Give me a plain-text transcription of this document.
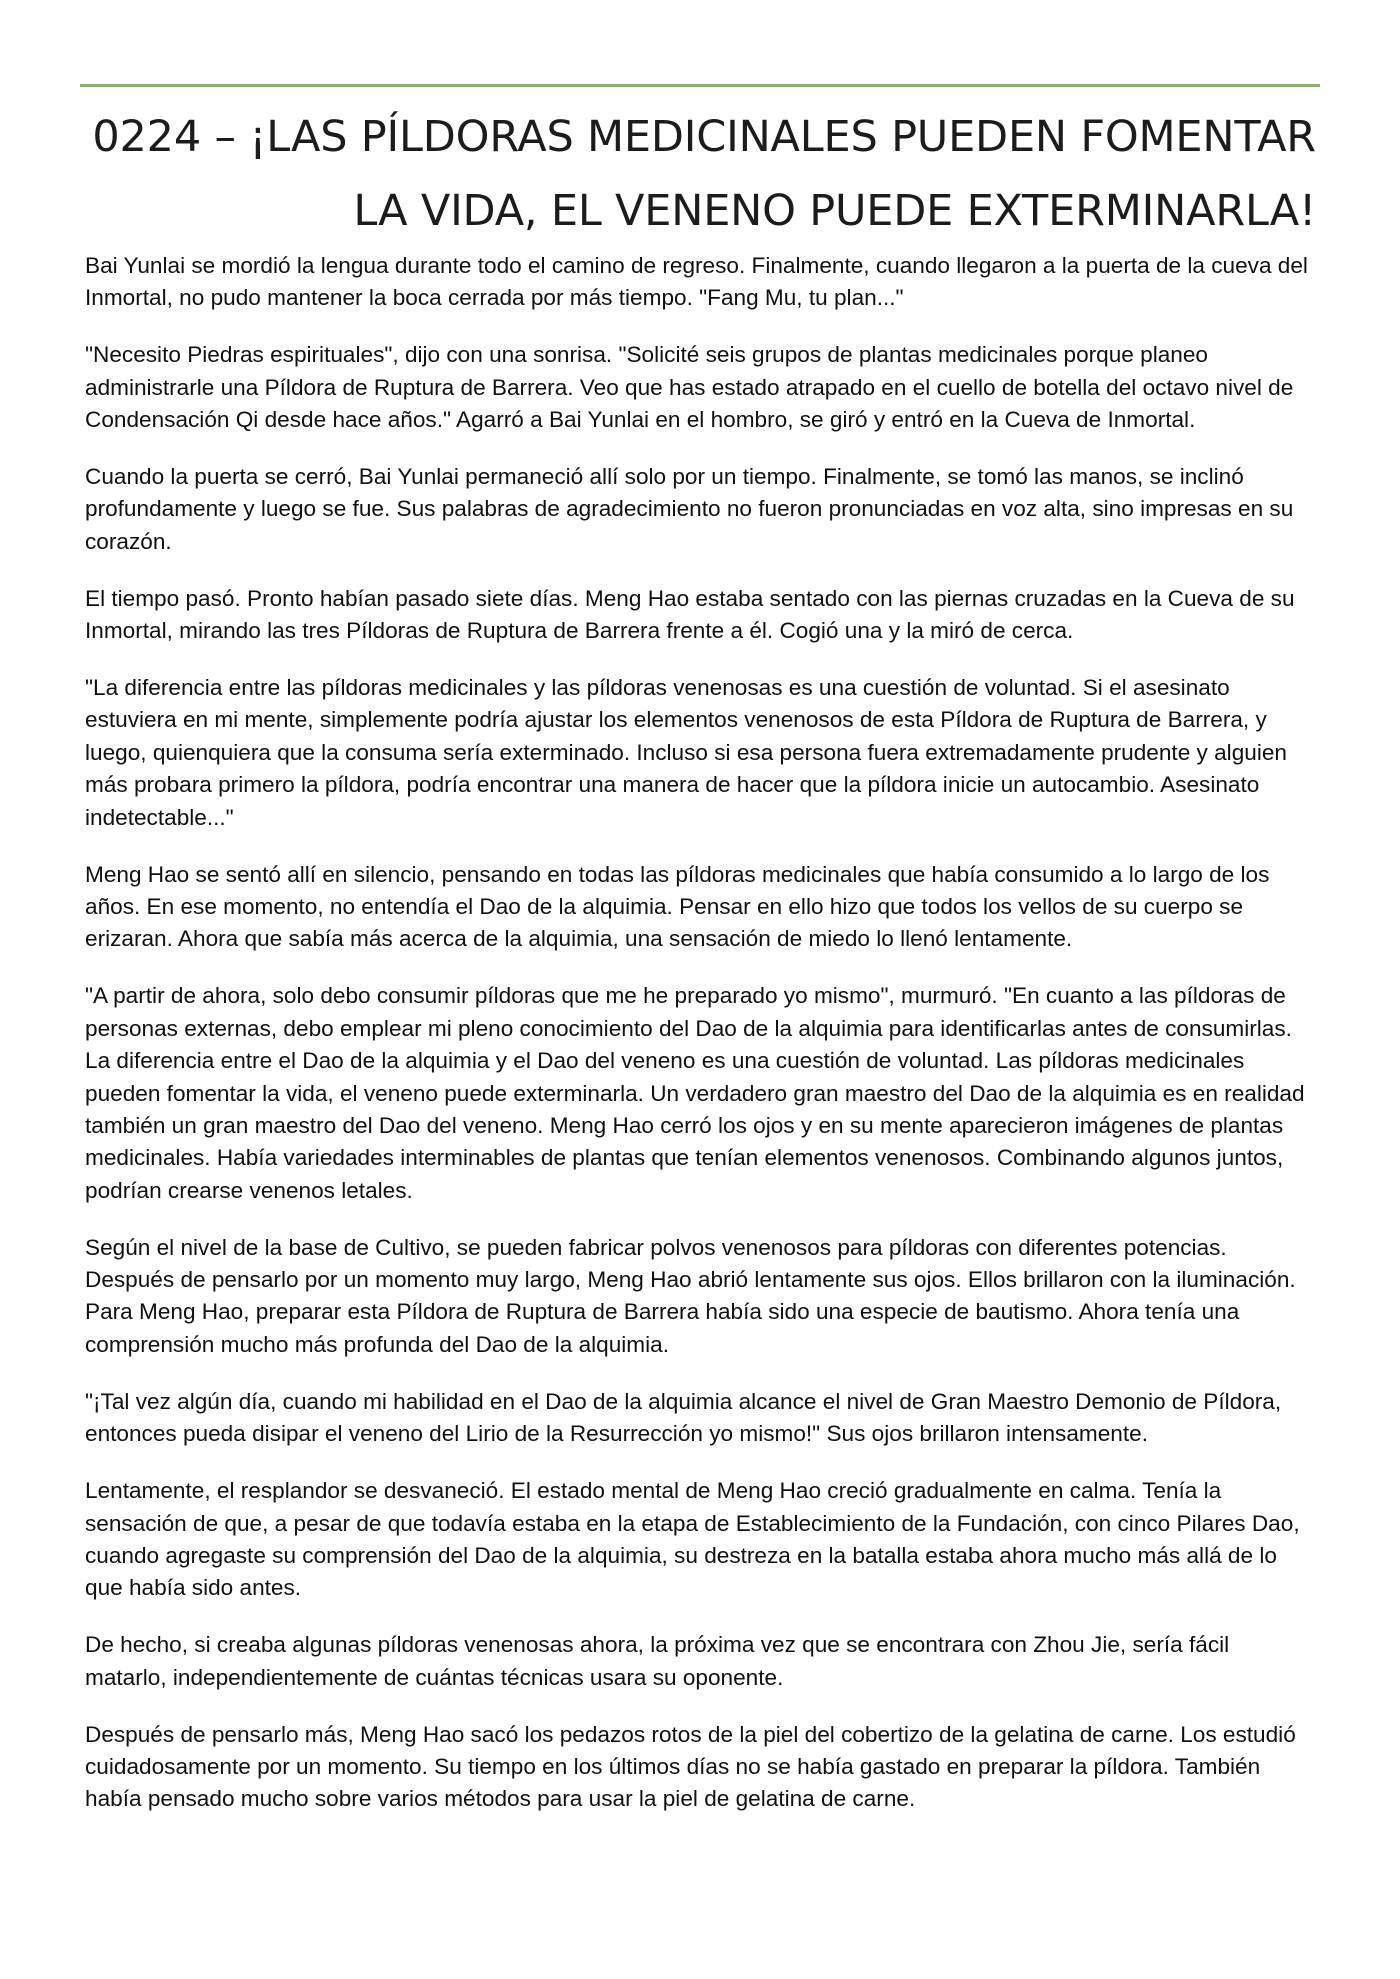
0224 – ¡LAS PÍLDORAS MEDICINALES PUEDEN FOMENTAR
LA VIDA, EL VENENO PUEDE EXTERMINARLA!

Bai Yunlai se mordió la lengua durante todo el camino de regreso. Finalmente, cuando llegaron a la puerta de la cueva del Inmortal, no pudo mantener la boca cerrada por más tiempo. "Fang Mu, tu plan..."

"Necesito Piedras espirituales", dijo con una sonrisa. "Solicité seis grupos de plantas medicinales porque planeo administrarle una Píldora de Ruptura de Barrera. Veo que has estado atrapado en el cuello de botella del octavo nivel de Condensación Qi desde hace años." Agarró a Bai Yunlai en el hombro, se giró y entró en la Cueva de Inmortal.

Cuando la puerta se cerró, Bai Yunlai permaneció allí solo por un tiempo. Finalmente, se tomó las manos, se inclinó profundamente y luego se fue. Sus palabras de agradecimiento no fueron pronunciadas en voz alta, sino impresas en su corazón.

El tiempo pasó. Pronto habían pasado siete días. Meng Hao estaba sentado con las piernas cruzadas en la Cueva de su Inmortal, mirando las tres Píldoras de Ruptura de Barrera frente a él. Cogió una y la miró de cerca.

"La diferencia entre las píldoras medicinales y las píldoras venenosas es una cuestión de voluntad. Si el asesinato estuviera en mi mente, simplemente podría ajustar los elementos venenosos de esta Píldora de Ruptura de Barrera, y luego, quienquiera que la consuma sería exterminado. Incluso si esa persona fuera extremadamente prudente y alguien más probara primero la píldora, podría encontrar una manera de hacer que la píldora inicie un autocambio. Asesinato indetectable..."

Meng Hao se sentó allí en silencio, pensando en todas las píldoras medicinales que había consumido a lo largo de los años. En ese momento, no entendía el Dao de la alquimia. Pensar en ello hizo que todos los vellos de su cuerpo se erizaran. Ahora que sabía más acerca de la alquimia, una sensación de miedo lo llenó lentamente.

"A partir de ahora, solo debo consumir píldoras que me he preparado yo mismo", murmuró. "En cuanto a las píldoras de personas externas, debo emplear mi pleno conocimiento del Dao de la alquimia para identificarlas antes de consumirlas. La diferencia entre el Dao de la alquimia y el Dao del veneno es una cuestión de voluntad. Las píldoras medicinales pueden fomentar la vida, el veneno puede exterminarla. Un verdadero gran maestro del Dao de la alquimia es en realidad también un gran maestro del Dao del veneno. Meng Hao cerró los ojos y en su mente aparecieron imágenes de plantas medicinales. Había variedades interminables de plantas que tenían elementos venenosos. Combinando algunos juntos, podrían crearse venenos letales.

Según el nivel de la base de Cultivo, se pueden fabricar polvos venenosos para píldoras con diferentes potencias. Después de pensarlo por un momento muy largo, Meng Hao abrió lentamente sus ojos. Ellos brillaron con la iluminación. Para Meng Hao, preparar esta Píldora de Ruptura de Barrera había sido una especie de bautismo. Ahora tenía una comprensión mucho más profunda del Dao de la alquimia.

"¡Tal vez algún día, cuando mi habilidad en el Dao de la alquimia alcance el nivel de Gran Maestro Demonio de Píldora, entonces pueda disipar el veneno del Lirio de la Resurrección yo mismo!" Sus ojos brillaron intensamente.

Lentamente, el resplandor se desvaneció. El estado mental de Meng Hao creció gradualmente en calma. Tenía la sensación de que, a pesar de que todavía estaba en la etapa de Establecimiento de la Fundación, con cinco Pilares Dao, cuando agregaste su comprensión del Dao de la alquimia, su destreza en la batalla estaba ahora mucho más allá de lo que había sido antes.

De hecho, si creaba algunas píldoras venenosas ahora, la próxima vez que se encontrara con Zhou Jie, sería fácil matarlo, independientemente de cuántas técnicas usara su oponente.

Después de pensarlo más, Meng Hao sacó los pedazos rotos de la piel del cobertizo de la gelatina de carne. Los estudió cuidadosamente por un momento. Su tiempo en los últimos días no se había gastado en preparar la píldora. También había pensado mucho sobre varios métodos para usar la piel de gelatina de carne.
